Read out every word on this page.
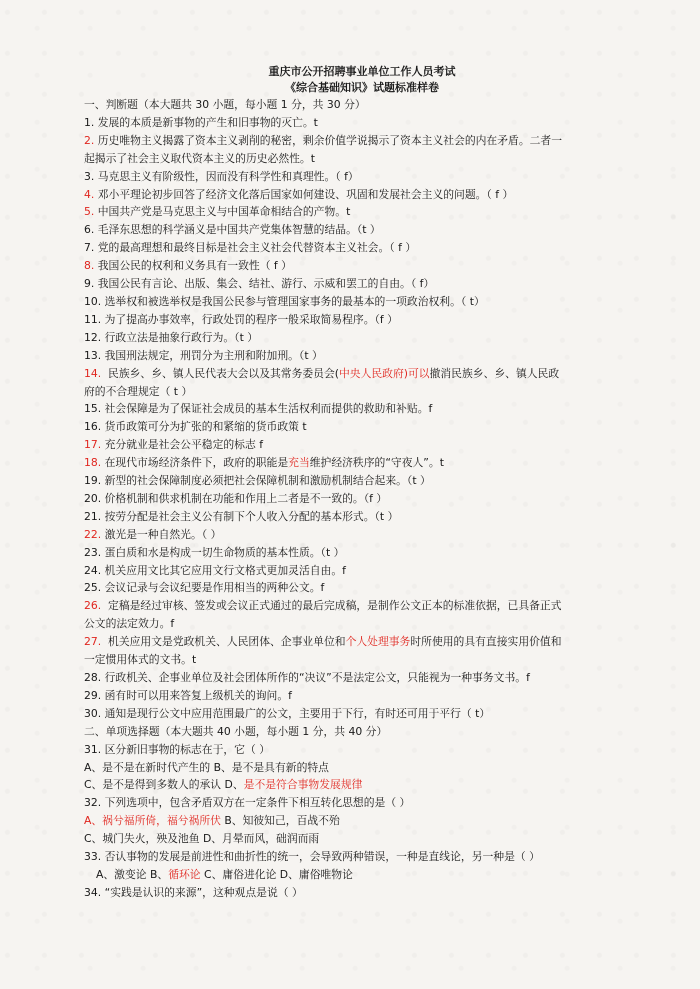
重庆市公开招聘事业单位工作人员考试
《综合基础知识》试题标准样卷
一、判断题（本大题共 30 小题，每小题 1 分，共 30 分）
1. 发展的本质是新事物的产生和旧事物的灭亡。t
2. 历史唯物主义揭露了资本主义剥削的秘密，剩余价值学说揭示了资本主义社会的内在矛盾。二者一
起揭示了社会主义取代资本主义的历史必然性。t
3. 马克思主义有阶级性，因而没有科学性和真理性。（ f）
4. 邓小平理论初步回答了经济文化落后国家如何建设、巩固和发展社会主义的问题。（ f ）
5. 中国共产党是马克思主义与中国革命相结合的产物。t
6. 毛泽东思想的科学涵义是中国共产党集体智慧的结晶。（t ）
7. 党的最高理想和最终目标是社会主义社会代替资本主义社会。（ f ）
8. 我国公民的权利和义务具有一致性（ f ）
9. 我国公民有言论、出版、集会、结社、游行、示威和罢工的自由。（ f）
10. 选举权和被选举权是我国公民参与管理国家事务的最基本的一项政治权利。（ t）
11. 为了提高办事效率，行政处罚的程序一般采取简易程序。（f ）
12. 行政立法是抽象行政行为。（t ）
13. 我国刑法规定，刑罚分为主刑和附加刑。（t ）
14. 民族乡、乡、镇人民代表大会以及其常务委员会(中央人民政府)可以撤消民族乡、乡、镇人民政
府的不合理规定（ t ）
15. 社会保障是为了保证社会成员的基本生活权利而提供的救助和补贴。f
16. 货币政策可分为扩张的和紧缩的货币政策 t
17. 充分就业是社会公平稳定的标志 f
18. 在现代市场经济条件下，政府的职能是充当维护经济秩序的“守夜人”。t
19. 新型的社会保障制度必须把社会保障机制和激励机制结合起来。（t ）
20. 价格机制和供求机制在功能和作用上二者是不一致的。（f ）
21. 按劳分配是社会主义公有制下个人收入分配的基本形式。（t ）
22. 激光是一种自然光。（ ）
23. 蛋白质和水是构成一切生命物质的基本性质。（t ）
24. 机关应用文比其它应用文行文格式更加灵活自由。f
25. 会议记录与会议纪要是作用相当的两种公文。f
26. 定稿是经过审核、签发或会议正式通过的最后完成稿，是制作公文正本的标准依据，已具备正式
公文的法定效力。f
27. 机关应用文是党政机关、人民团体、企事业单位和个人处理事务时所使用的具有直接实用价值和
一定惯用体式的文书。t
28. 行政机关、企事业单位及社会团体所作的“决议”不是法定公文，只能视为一种事务文书。f
29. 函有时可以用来答复上级机关的询问。f
30. 通知是现行公文中应用范围最广的公文，主要用于下行，有时还可用于平行（ t）
二、单项选择题（本大题共 40 小题，每小题 1 分，共 40 分）
31. 区分新旧事物的标志在于，它（ ）
A、是不是在新时代产生的 B、是不是具有新的特点
C、是不是得到多数人的承认 D、是不是符合事物发展规律
32. 下列选项中，包含矛盾双方在一定条件下相互转化思想的是（ ）
A、祸兮福所倚，福兮祸所伏 B、知彼知己，百战不殆
C、城门失火，殃及池鱼 D、月晕而风，础润而雨
33. 否认事物的发展是前进性和曲折性的统一，会导致两种错误，一种是直线论，另一种是（ ）
A、激变论 B、循环论 C、庸俗进化论 D、庸俗唯物论
34. “实践是认识的来源”，这种观点是说（ ）
